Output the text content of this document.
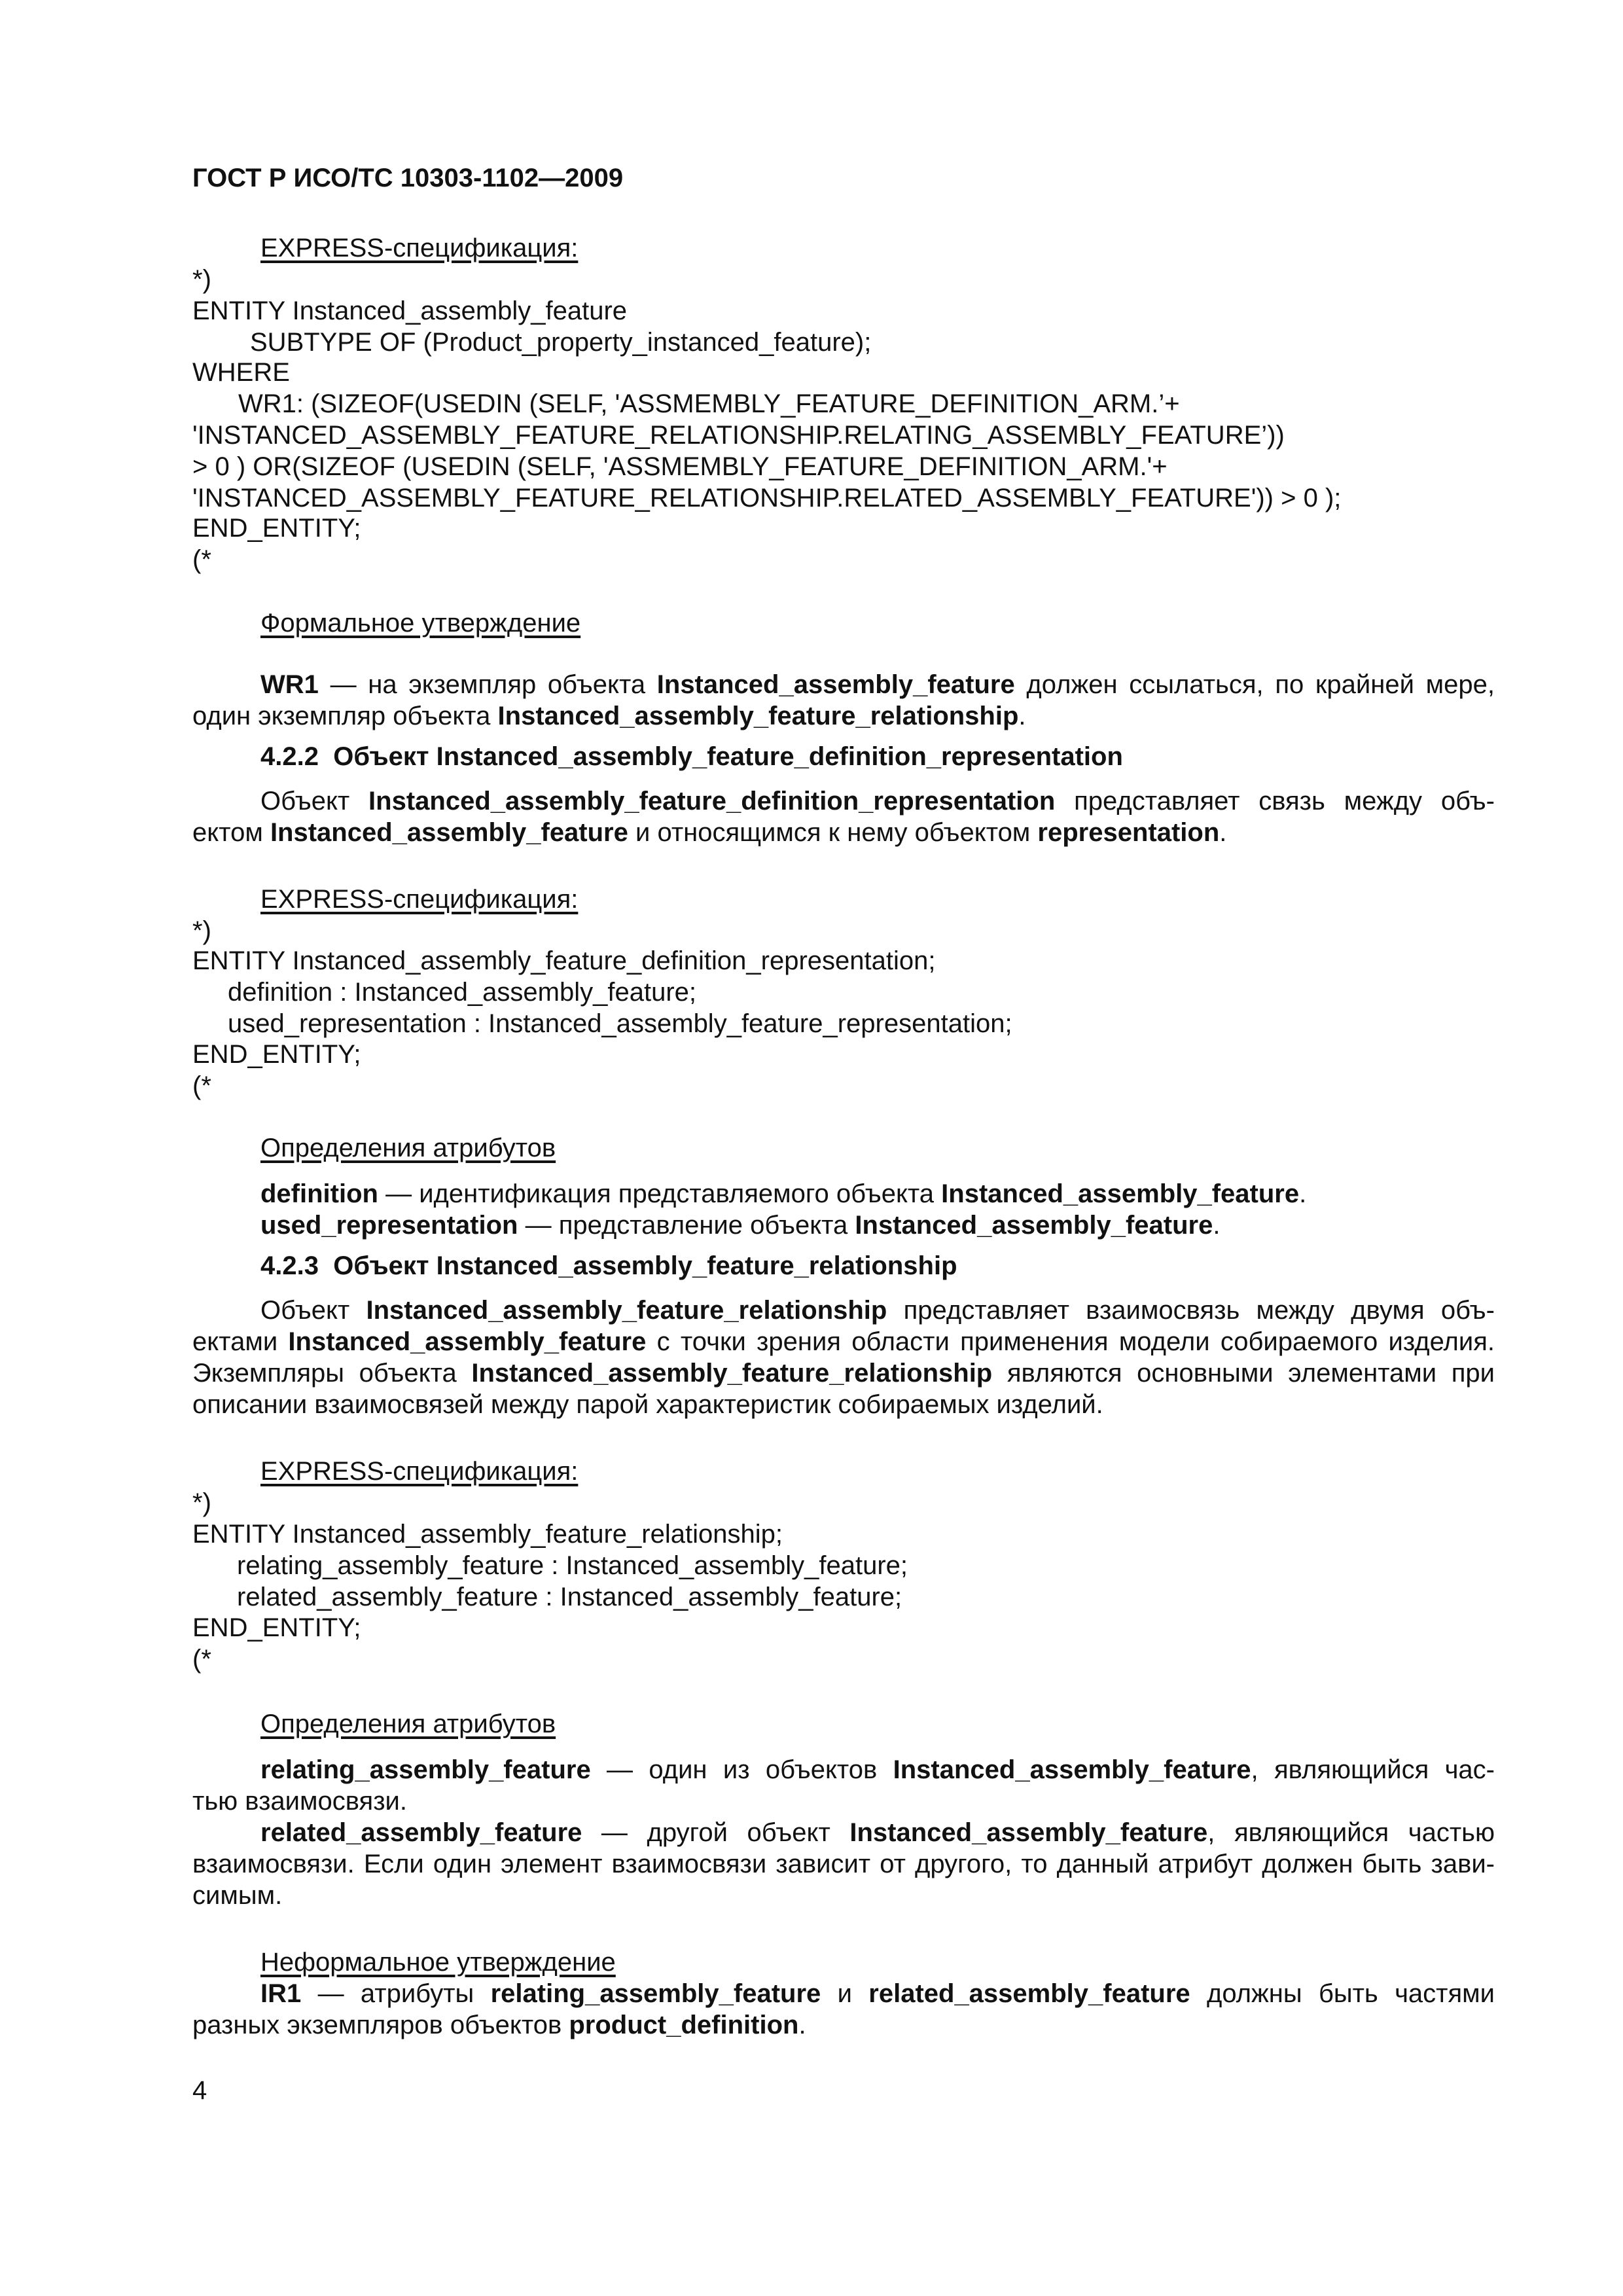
ГОСТ Р ИСО/ТС 10303-1102—2009
EXPRESS-спецификация:
*)
ENTITY Instanced_assembly_feature
SUBTYPE OF (Product_property_instanced_feature);
WHERE
WR1: (SIZEOF(USEDIN (SELF, 'ASSMEMBLY_FEATURE_DEFINITION_ARM.’+
'INSTANCED_ASSEMBLY_FEATURE_RELATIONSHIP.RELATING_ASSEMBLY_FEATURE’))
> 0 ) OR(SIZEOF (USEDIN (SELF, 'ASSMEMBLY_FEATURE_DEFINITION_ARM.'+
'INSTANCED_ASSEMBLY_FEATURE_RELATIONSHIP.RELATED_ASSEMBLY_FEATURE')) > 0 );
END_ENTITY;
(*
Формальное утверждение
WR1 — на экземпляр объекта Instanced_assembly_feature должен ссылаться, по крайней мере,
один экземпляр объекта Instanced_assembly_feature_relationship.
4.2.2 Объект Instanced_assembly_feature_definition_representation
Объект Instanced_assembly_feature_definition_representation представляет связь между объ-
ектом Instanced_assembly_feature и относящимся к нему объектом representation.
EXPRESS-спецификация:
*)
ENTITY Instanced_assembly_feature_definition_representation;
definition : Instanced_assembly_feature;
used_representation : Instanced_assembly_feature_representation;
END_ENTITY;
(*
Определения атрибутов
definition — идентификация представляемого объекта Instanced_assembly_feature.
used_representation — представление объекта Instanced_assembly_feature.
4.2.3 Объект Instanced_assembly_feature_relationship
Объект Instanced_assembly_feature_relationship представляет взаимосвязь между двумя объ-
ектами Instanced_assembly_feature с точки зрения области применения модели собираемого изделия.
Экземпляры объекта Instanced_assembly_feature_relationship являются основными элементами при
описании взаимосвязей между парой характеристик собираемых изделий.
EXPRESS-спецификация:
*)
ENTITY Instanced_assembly_feature_relationship;
relating_assembly_feature : Instanced_assembly_feature;
related_assembly_feature : Instanced_assembly_feature;
END_ENTITY;
(*
Определения атрибутов
relating_assembly_feature — один из объектов Instanced_assembly_feature, являющийся час-
тью взаимосвязи.
related_assembly_feature — другой объект Instanced_assembly_feature, являющийся частью
взаимосвязи. Если один элемент взаимосвязи зависит от другого, то данный атрибут должен быть зави-
симым.
Неформальное утверждение
IR1 — атрибуты relating_assembly_feature и related_assembly_feature должны быть частями
разных экземпляров объектов product_definition.
4
